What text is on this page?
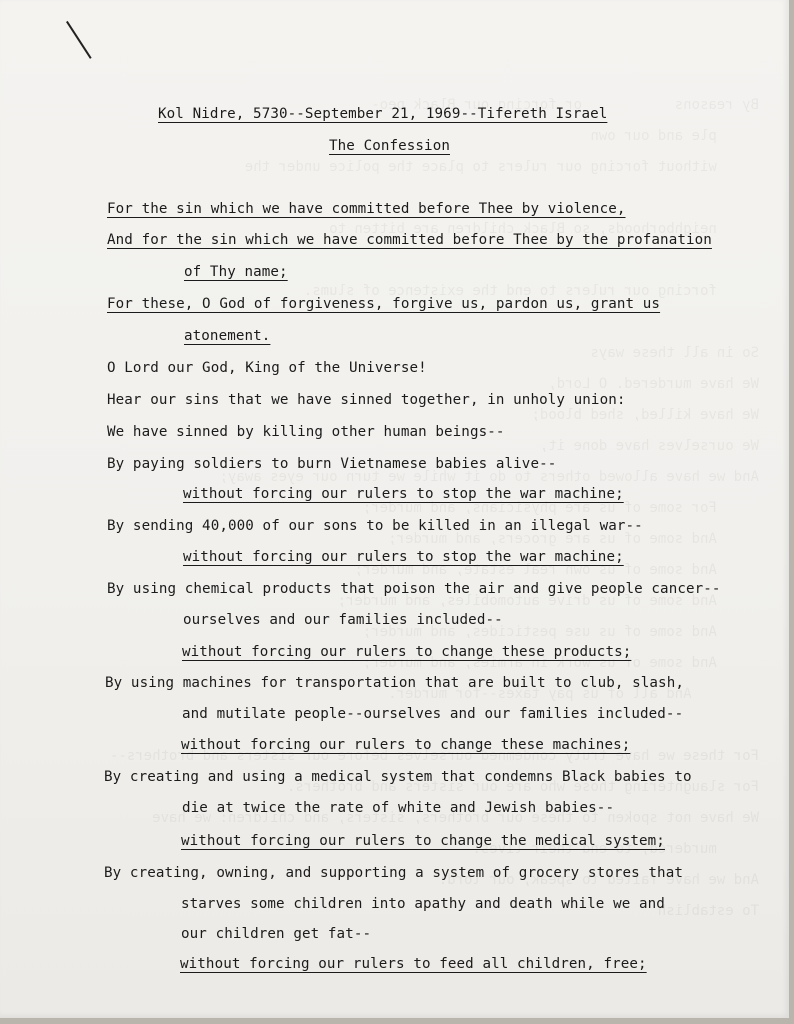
Kol Nidre, 5730--September 21, 1969--Tifereth Israel
The Confession
For the sin which we have committed before Thee by violence,
And for the sin which we have committed before Thee by the profanation
of Thy name;
For these, O God of forgiveness, forgive us, pardon us, grant us
atonement.
O Lord our God, King of the Universe!
Hear our sins that we have sinned together, in unholy union:
We have sinned by killing other human beings--
By paying soldiers to burn Vietnamese babies alive--
without forcing our rulers to stop the war machine;
By sending 40,000 of our sons to be killed in an illegal war--
without forcing our rulers to stop the war machine;
By using chemical products that poison the air and give people cancer--
ourselves and our families included--
without forcing our rulers to change these products;
By using machines for transportation that are built to club, slash,
and mutilate people--ourselves and our families included--
without forcing our rulers to change these machines;
By creating and using a medical system that condemns Black babies to
die at twice the rate of white and Jewish babies--
without forcing our rulers to change the medical system;
By creating, owning, and supporting a system of grocery stores that
starves some children into apathy and death while we and
our children get fat--
without forcing our rulers to feed all children, free;
